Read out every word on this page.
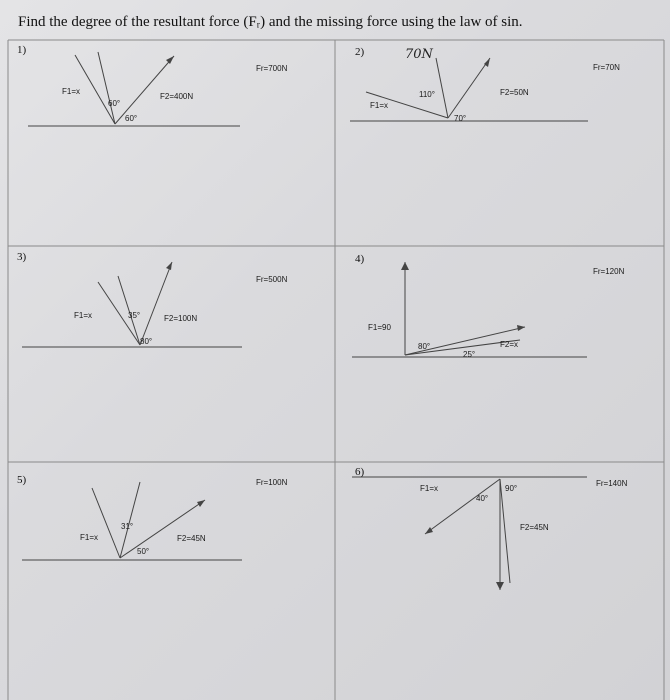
Find the degree of the resultant force (Fᵣ) and the missing force using the law of sin.
1)
Fr=700N
F1=x
F2=400N
60°
60°
2)	70N
Fr=70N
F1=x
F2=50N
110°
70°
3)
Fr=500N
F1=x	F2=100N
35°
80°
4)
Fr=120N
F1=90
F2=x
80°
25°
5)	Fr=100N
F1=x	F2=45N
31°
50°
6)
Fr=140N
F1=x
F2=45N
40°
90°
